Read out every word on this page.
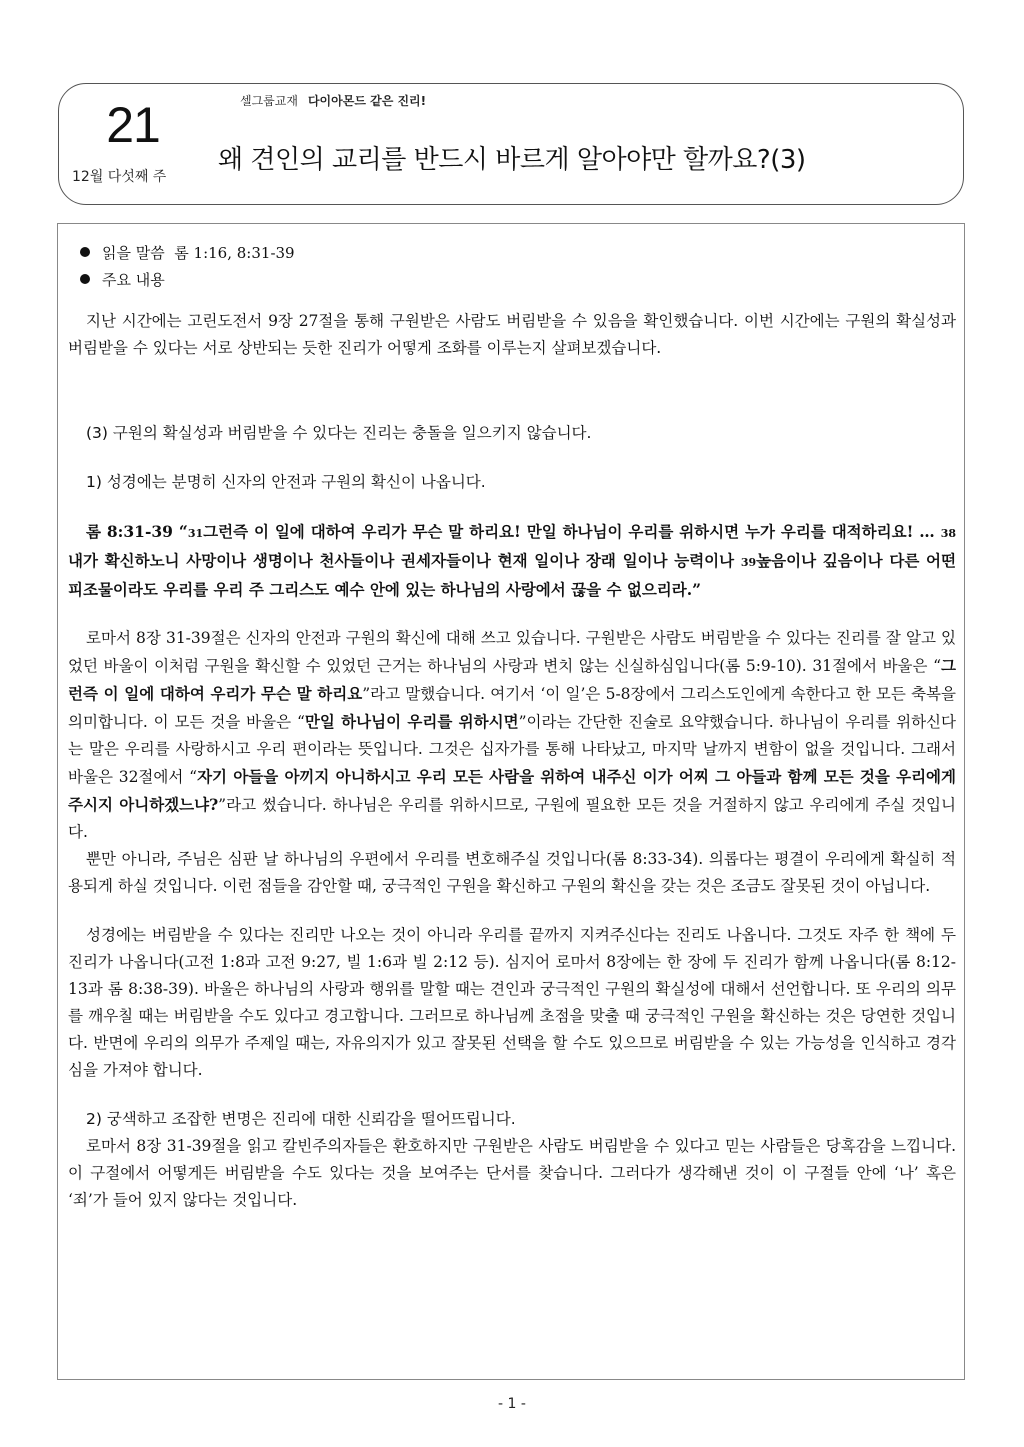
21
12월 다섯째 주
셀그룹교재 다이아몬드 같은 진리!
왜 견인의 교리를 반드시 바르게 알아야만 할까요?(3)
읽을 말씀 롬 1:16, 8:31-39
주요 내용

지난 시간에는 고린도전서 9장 27절을 통해 구원받은 사람도 버림받을 수 있음을 확인했습니다. 이번 시간에는 구원의 확실성과 버림받을 수 있다는 서로 상반되는 듯한 진리가 어떻게 조화를 이루는지 살펴보겠습니다.

(3) 구원의 확실성과 버림받을 수 있다는 진리는 충돌을 일으키지 않습니다.

1) 성경에는 분명히 신자의 안전과 구원의 확신이 나옵니다.

롬 8:31-39 “31그런즉 이 일에 대하여 우리가 무슨 말 하리요! 만일 하나님이 우리를 위하시면 누가 우리를 대적하리요! … 38내가 확신하노니 사망이나 생명이나 천사들이나 권세자들이나 현재 일이나 장래 일이나 능력이나 39높음이나 깊음이나 다른 어떤 피조물이라도 우리를 우리 주 그리스도 예수 안에 있는 하나님의 사랑에서 끊을 수 없으리라.”

로마서 8장 31-39절은 신자의 안전과 구원의 확신에 대해 쓰고 있습니다. 구원받은 사람도 버림받을 수 있다는 진리를 잘 알고 있었던 바울이 이처럼 구원을 확신할 수 있었던 근거는 하나님의 사랑과 변치 않는 신실하심입니다(롬 5:9-10). 31절에서 바울은 “그런즉 이 일에 대하여 우리가 무슨 말 하리요”라고 말했습니다. 여기서 ‘이 일’은 5-8장에서 그리스도인에게 속한다고 한 모든 축복을 의미합니다. 이 모든 것을 바울은 “만일 하나님이 우리를 위하시면”이라는 간단한 진술로 요약했습니다. 하나님이 우리를 위하신다는 말은 우리를 사랑하시고 우리 편이라는 뜻입니다. 그것은 십자가를 통해 나타났고, 마지막 날까지 변함이 없을 것입니다. 그래서 바울은 32절에서 “자기 아들을 아끼지 아니하시고 우리 모든 사람을 위하여 내주신 이가 어찌 그 아들과 함께 모든 것을 우리에게 주시지 아니하겠느냐?”라고 썼습니다. 하나님은 우리를 위하시므로, 구원에 필요한 모든 것을 거절하지 않고 우리에게 주실 것입니다.

뿐만 아니라, 주님은 심판 날 하나님의 우편에서 우리를 변호해주실 것입니다(롬 8:33-34). 의롭다는 평결이 우리에게 확실히 적용되게 하실 것입니다. 이런 점들을 감안할 때, 궁극적인 구원을 확신하고 구원의 확신을 갖는 것은 조금도 잘못된 것이 아닙니다.

성경에는 버림받을 수 있다는 진리만 나오는 것이 아니라 우리를 끝까지 지켜주신다는 진리도 나옵니다. 그것도 자주 한 책에 두 진리가 나옵니다(고전 1:8과 고전 9:27, 빌 1:6과 빌 2:12 등). 심지어 로마서 8장에는 한 장에 두 진리가 함께 나옵니다(롬 8:12-13과 롬 8:38-39). 바울은 하나님의 사랑과 행위를 말할 때는 견인과 궁극적인 구원의 확실성에 대해서 선언합니다. 또 우리의 의무를 깨우칠 때는 버림받을 수도 있다고 경고합니다. 그러므로 하나님께 초점을 맞출 때 궁극적인 구원을 확신하는 것은 당연한 것입니다. 반면에 우리의 의무가 주제일 때는, 자유의지가 있고 잘못된 선택을 할 수도 있으므로 버림받을 수 있는 가능성을 인식하고 경각심을 가져야 합니다.

2) 궁색하고 조잡한 변명은 진리에 대한 신뢰감을 떨어뜨립니다.

로마서 8장 31-39절을 읽고 칼빈주의자들은 환호하지만 구원받은 사람도 버림받을 수 있다고 믿는 사람들은 당혹감을 느낍니다. 이 구절에서 어떻게든 버림받을 수도 있다는 것을 보여주는 단서를 찾습니다. 그러다가 생각해낸 것이 이 구절들 안에 ‘나’ 혹은 ‘죄’가 들어 있지 않다는 것입니다.

- 1 -
